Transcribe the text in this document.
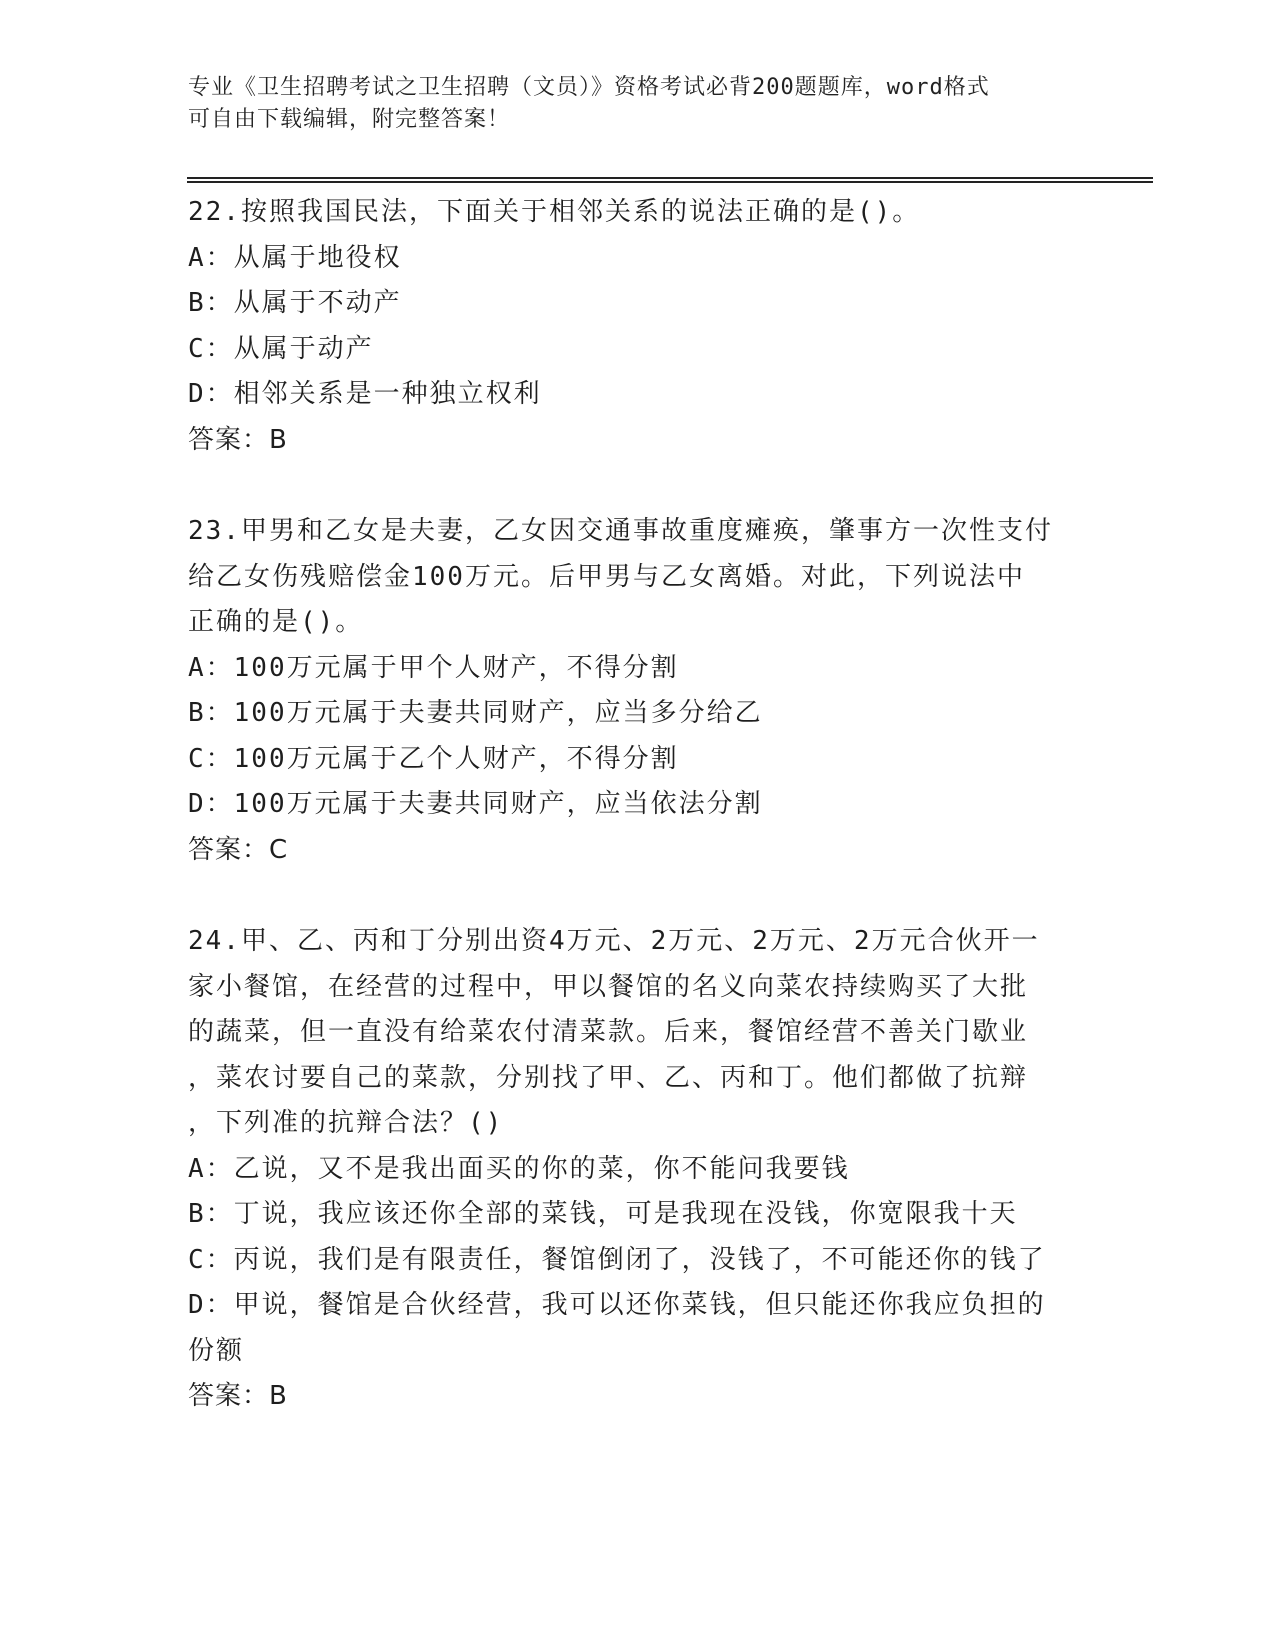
专业《卫生招聘考试之卫生招聘（文员）》资格考试必背200题题库，word格式
可自由下载编辑，附完整答案！
22.按照我国民法，下面关于相邻关系的说法正确的是()。
A：从属于地役权
B：从属于不动产
C：从属于动产
D：相邻关系是一种独立权利
答案：B
23.甲男和乙女是夫妻，乙女因交通事故重度瘫痪，肇事方一次性支付
给乙女伤残赔偿金100万元。后甲男与乙女离婚。对此，下列说法中
正确的是()。
A：100万元属于甲个人财产，不得分割
B：100万元属于夫妻共同财产，应当多分给乙
C：100万元属于乙个人财产，不得分割
D：100万元属于夫妻共同财产，应当依法分割
答案：C
24.甲、乙、丙和丁分别出资4万元、2万元、2万元、2万元合伙开一
家小餐馆，在经营的过程中，甲以餐馆的名义向菜农持续购买了大批
的蔬菜，但一直没有给菜农付清菜款。后来，餐馆经营不善关门歇业
，菜农讨要自己的菜款，分别找了甲、乙、丙和丁。他们都做了抗辩
，下列准的抗辩合法？()
A：乙说，又不是我出面买的你的菜，你不能问我要钱
B：丁说，我应该还你全部的菜钱，可是我现在没钱，你宽限我十天
C：丙说，我们是有限责任，餐馆倒闭了，没钱了，不可能还你的钱了
D：甲说，餐馆是合伙经营，我可以还你菜钱，但只能还你我应负担的
份额
答案：B
